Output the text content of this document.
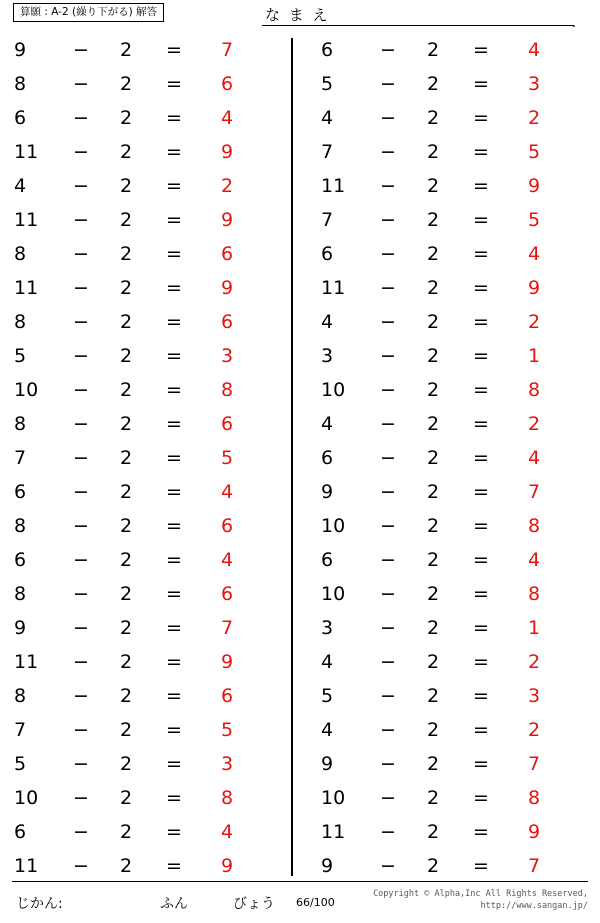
算願 : A-2 (繰り下がる) 解答	な ま え	.
9	−	2	=	7
8	−	2	=	6
6	−	2	=	4
11	−	2	=	9
4	−	2	=	2
11	−	2	=	9
8	−	2	=	6
11	−	2	=	9
8	−	2	=	6
5	−	2	=	3
10	−	2	=	8
8	−	2	=	6
7	−	2	=	5
6	−	2	=	4
8	−	2	=	6
6	−	2	=	4
8	−	2	=	6
9	−	2	=	7
11	−	2	=	9
8	−	2	=	6
7	−	2	=	5
5	−	2	=	3
10	−	2	=	8
6	−	2	=	4
11	−	2	=	9
6	−	2	=	4
5	−	2	=	3
4	−	2	=	2
7	−	2	=	5
11	−	2	=	9
7	−	2	=	5
6	−	2	=	4
11	−	2	=	9
4	−	2	=	2
3	−	2	=	1
10	−	2	=	8
4	−	2	=	2
6	−	2	=	4
9	−	2	=	7
10	−	2	=	8
6	−	2	=	4
10	−	2	=	8
3	−	2	=	1
4	−	2	=	2
5	−	2	=	3
4	−	2	=	2
9	−	2	=	7
10	−	2	=	8
11	−	2	=	9
9	−	2	=	7
じかん:	ふん	びょう 66/100
Copyright © Alpha,Inc All Rights Reserved,
http://www.sangan.jp/
